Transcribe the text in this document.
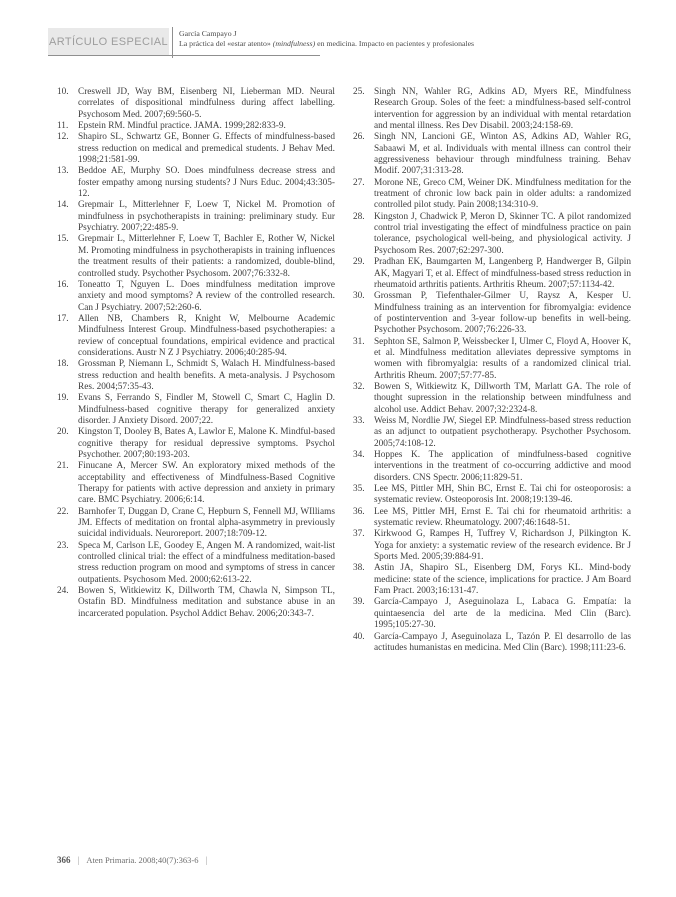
ARTÍCULO ESPECIAL
García Campayo J
La práctica del «estar atento» (mindfulness) en medicina. Impacto en pacientes y profesionales
10.	Creswell JD, Way BM, Eisenberg NI, Lieberman MD. Neural correlates of dispositional mindfulness during affect labelling. Psychosom Med. 2007;69:560-5.
11.	Epstein RM. Mindful practice. JAMA. 1999;282:833-9.
12.	Shapiro SL, Schwartz GE, Bonner G. Effects of mindfulness-based stress reduction on medical and premedical students. J Behav Med. 1998;21:581-99.
13.	Beddoe AE, Murphy SO. Does mindfulness decrease stress and foster empathy among nursing students? J Nurs Educ. 2004;43:305-12.
14.	Grepmair L, Mitterlehner F, Loew T, Nickel M. Promotion of mindfulness in psychotherapists in training: preliminary study. Eur Psychiatry. 2007;22:485-9.
15.	Grepmair L, Mitterlehner F, Loew T, Bachler E, Rother W, Nickel M. Promoting mindfulness in psychotherapists in training influences the treatment results of their patients: a randomized, double-blind, controlled study. Psychother Psychosom. 2007;76:332-8.
16.	Toneatto T, Nguyen L. Does mindfulness meditation improve anxiety and mood symptoms? A review of the controlled research. Can J Psychiatry. 2007;52:260-6.
17.	Allen NB, Chambers R, Knight W, Melbourne Academic Mindfulness Interest Group. Mindfulness-based psychotherapies: a review of conceptual foundations, empirical evidence and practical considerations. Austr N Z J Psychiatry. 2006;40:285-94.
18.	Grossman P, Niemann L, Schmidt S, Walach H. Mindfulness-based stress reduction and health benefits. A meta-analysis. J Psychosom Res. 2004;57:35-43.
19.	Evans S, Ferrando S, Findler M, Stowell C, Smart C, Haglin D. Mindfulness-based cognitive therapy for generalized anxiety disorder. J Anxiety Disord. 2007;22.
20.	Kingston T, Dooley B, Bates A, Lawlor E, Malone K. Mindful-based cognitive therapy for residual depressive symptoms. Psychol Psychother. 2007;80:193-203.
21.	Finucane A, Mercer SW. An exploratory mixed methods of the acceptability and effectiveness of Mindfulness-Based Cognitive Therapy for patients with active depression and anxiety in primary care. BMC Psychiatry. 2006;6:14.
22.	Barnhofer T, Duggan D, Crane C, Hepburn S, Fennell MJ, WIlliams JM. Effects of meditation on frontal alpha-asymmetry in previously suicidal individuals. Neuroreport. 2007;18:709-12.
23.	Speca M, Carlson LE, Goodey E, Angen M. A randomized, wait-list controlled clinical trial: the effect of a mindfulness meditation-based stress reduction program on mood and symptoms of stress in cancer outpatients. Psychosom Med. 2000;62:613-22.
24.	Bowen S, Witkiewitz K, Dillworth TM, Chawla N, Simpson TL, Ostafin BD. Mindfulness meditation and substance abuse in an incarcerated population. Psychol Addict Behav. 2006;20:343-7.
25.	Singh NN, Wahler RG, Adkins AD, Myers RE, Mindfulness Research Group. Soles of the feet: a mindfulness-based self-control intervention for aggression by an individual with mental retardation and mental illness. Res Dev Disabil. 2003;24:158-69.
26.	Singh NN, Lancioni GE, Winton AS, Adkins AD, Wahler RG, Sabaawi M, et al. Individuals with mental illness can control their aggressiveness behaviour through mindfulness training. Behav Modif. 2007;31:313-28.
27.	Morone NE, Greco CM, Weiner DK. Mindfulness meditation for the treatment of chronic low back pain in older adults: a randomized controlled pilot study. Pain 2008;134:310-9.
28.	Kingston J, Chadwick P, Meron D, Skinner TC. A pilot randomized control trial investigating the effect of mindfulness practice on pain tolerance, psychological well-being, and physiological activity. J Psychosom Res. 2007;62:297-300.
29.	Pradhan EK, Baumgarten M, Langenberg P, Handwerger B, Gilpin AK, Magyari T, et al. Effect of mindfulness-based stress reduction in rheumatoid arthritis patients. Arthritis Rheum. 2007;57:1134-42.
30.	Grossman P, Tiefenthaler-Gilmer U, Raysz A, Kesper U. Mindfulness training as an intervention for fibromyalgia: evidence of postintervention and 3-year follow-up benefits in well-being. Psychother Psychosom. 2007;76:226-33.
31.	Sephton SE, Salmon P, Weissbecker I, Ulmer C, Floyd A, Hoover K, et al. Mindfulness meditation alleviates depressive symptoms in women with fibromyalgia: results of a randomized clinical trial. Arthritis Rheum. 2007;57:77-85.
32.	Bowen S, Witkiewitz K, Dillworth TM, Marlatt GA. The role of thought supression in the relationship between mindfulness and alcohol use. Addict Behav. 2007;32:2324-8.
33.	Weiss M, Nordlie JW, Siegel EP. Mindfulness-based stress reduction as an adjunct to outpatient psychotherapy. Psychother Psychosom. 2005;74:108-12.
34.	Hoppes K. The application of mindfulness-based cognitive interventions in the treatment of co-occurring addictive and mood disorders. CNS Spectr. 2006;11:829-51.
35.	Lee MS, Pittler MH, Shin BC, Ernst E. Tai chi for osteoporosis: a systematic review. Osteoporosis Int. 2008;19:139-46.
36.	Lee MS, Pittler MH, Ernst E. Tai chi for rheumatoid arthritis: a systematic review. Rheumatology. 2007;46:1648-51.
37.	Kirkwood G, Rampes H, Tuffrey V, Richardson J, Pilkington K. Yoga for anxiety: a systematic review of the research evidence. Br J Sports Med. 2005;39:884-91.
38.	Astin JA, Shapiro SL, Eisenberg DM, Forys KL. Mind-body medicine: state of the science, implications for practice. J Am Board Fam Pract. 2003;16:131-47.
39.	García-Campayo J, Aseguinolaza L, Labaca G. Empatía: la quintaesencia del arte de la medicina. Med Clin (Barc). 1995;105:27-30.
40.	García-Campayo J, Aseguinolaza L, Tazón P. El desarrollo de las actitudes humanistas en medicina. Med Clin (Barc). 1998;111:23-6.
366 | Aten Primaria. 2008;40(7):363-6 |
